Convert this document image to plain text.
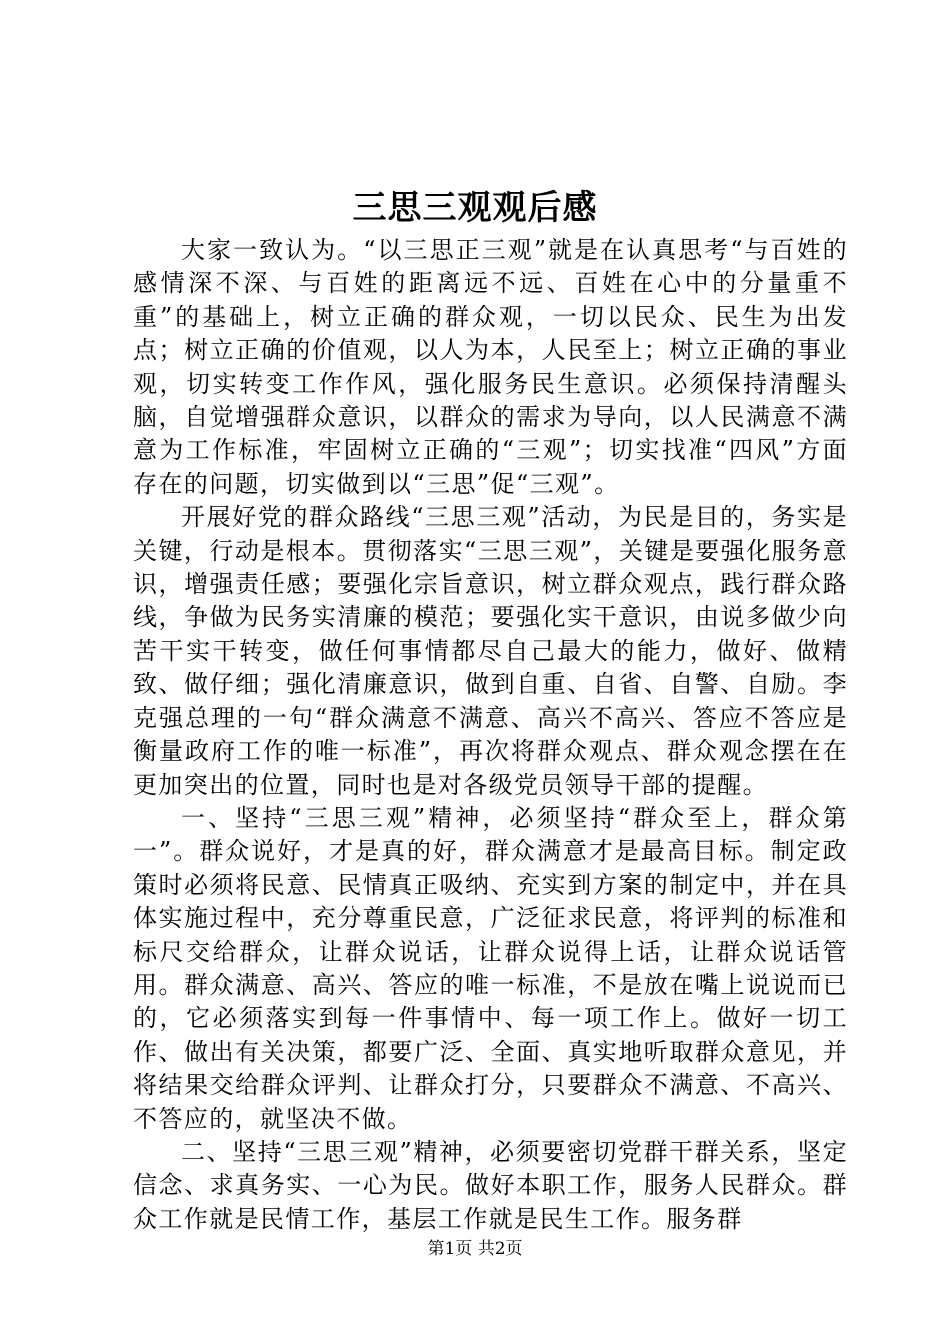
三思三观观后感

大家一致认为。“以三思正三观”就是在认真思考“与百姓的感情深不深、与百姓的距离远不远、百姓在心中的分量重不重”的基础上，树立正确的群众观，一切以民众、民生为出发点；树立正确的价值观，以人为本，人民至上；树立正确的事业观，切实转变工作作风，强化服务民生意识。必须保持清醒头脑，自觉增强群众意识，以群众的需求为导向，以人民满意不满意为工作标准，牢固树立正确的“三观”；切实找准“四风”方面存在的问题，切实做到以“三思”促“三观”。

开展好党的群众路线“三思三观”活动，为民是目的，务实是关键，行动是根本。贯彻落实“三思三观”，关键是要强化服务意识，增强责任感；要强化宗旨意识，树立群众观点，践行群众路线，争做为民务实清廉的模范；要强化实干意识，由说多做少向苦干实干转变，做任何事情都尽自己最大的能力，做好、做精致、做仔细；强化清廉意识，做到自重、自省、自警、自励。李克强总理的一句“群众满意不满意、高兴不高兴、答应不答应是衡量政府工作的唯一标准”，再次将群众观点、群众观念摆在在更加突出的位置，同时也是对各级党员领导干部的提醒。

一、坚持“三思三观”精神，必须坚持“群众至上，群众第一”。群众说好，才是真的好，群众满意才是最高目标。制定政策时必须将民意、民情真正吸纳、充实到方案的制定中，并在具体实施过程中，充分尊重民意，广泛征求民意，将评判的标准和标尺交给群众，让群众说话，让群众说得上话，让群众说话管用。群众满意、高兴、答应的唯一标准，不是放在嘴上说说而已的，它必须落实到每一件事情中、每一项工作上。做好一切工作、做出有关决策，都要广泛、全面、真实地听取群众意见，并将结果交给群众评判、让群众打分，只要群众不满意、不高兴、不答应的，就坚决不做。

二、坚持“三思三观”精神，必须要密切党群干群关系，坚定信念、求真务实、一心为民。做好本职工作，服务人民群众。群众工作就是民情工作，基层工作就是民生工作。服务群

第1页 共2页
